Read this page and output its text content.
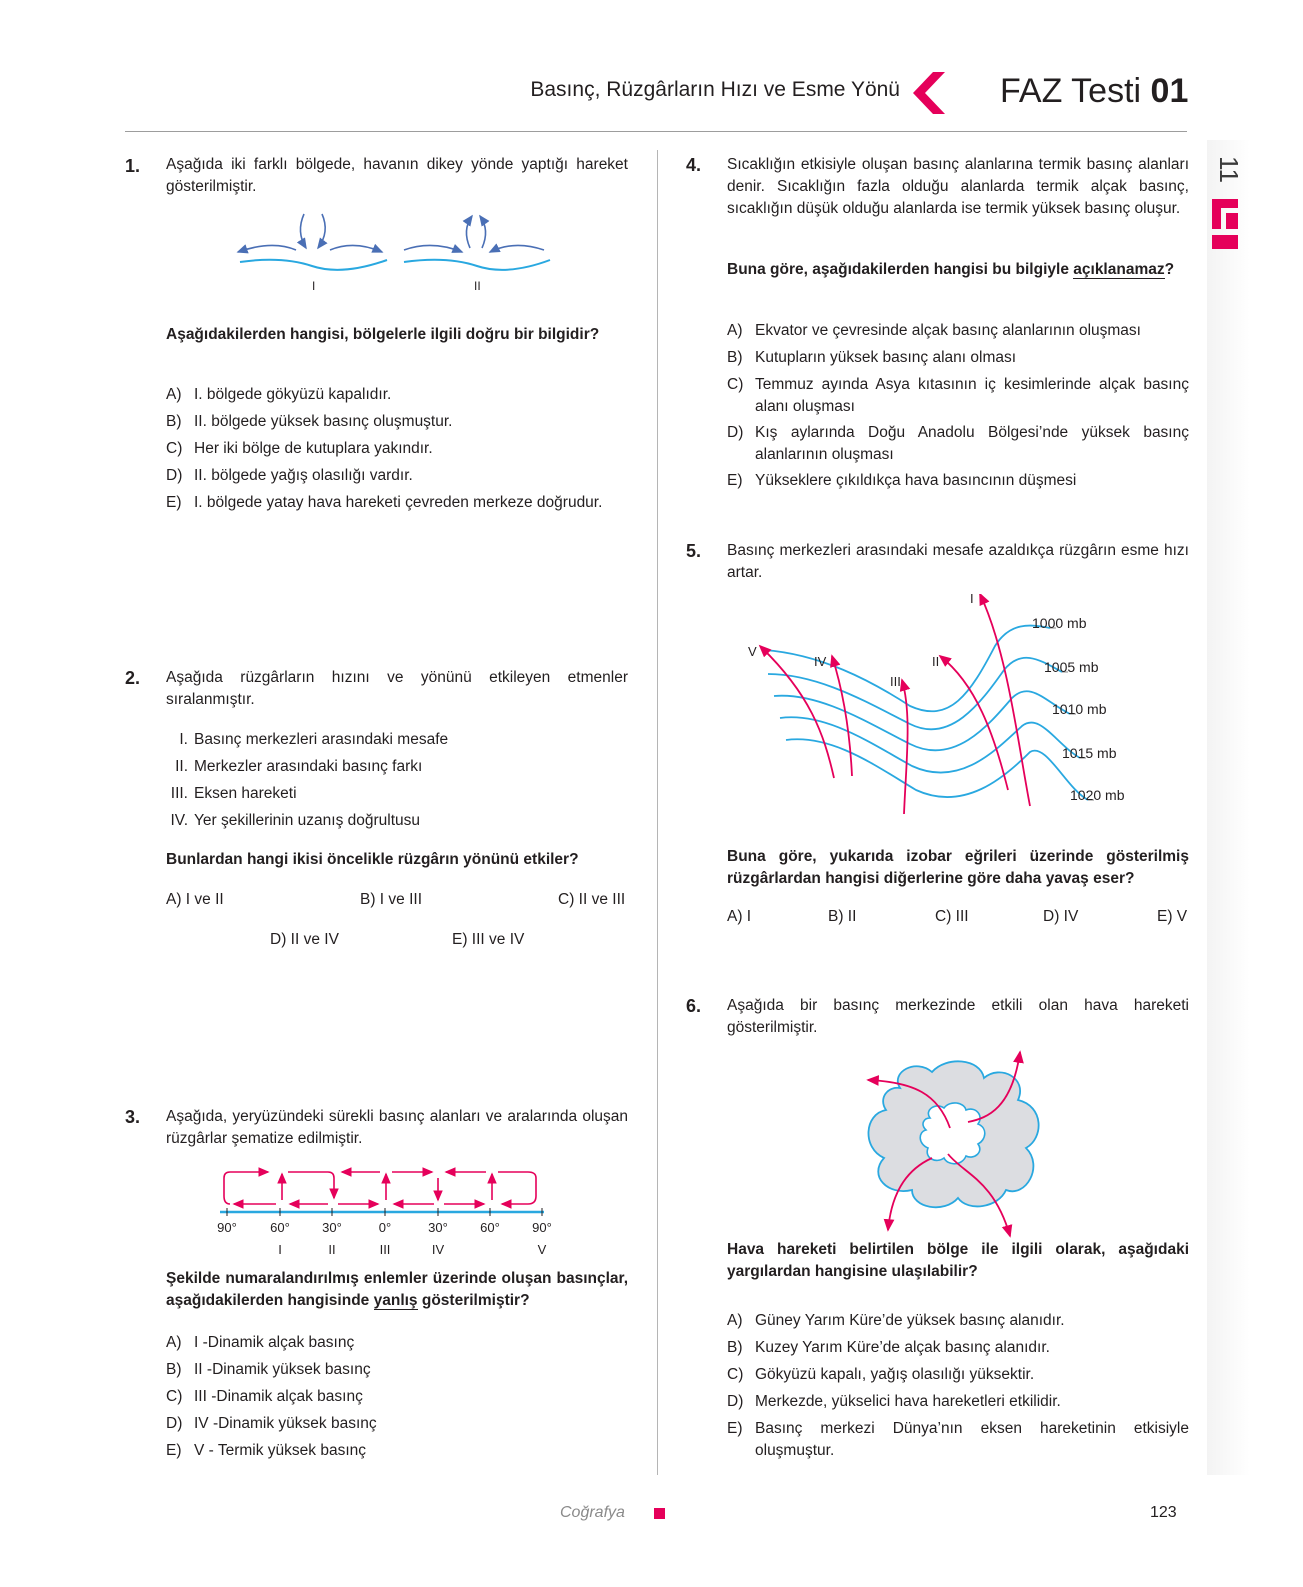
Basınç, Rüzgârların Hızı ve Esme Yönü	FAZ Testi 01
11
1. Aşağıda iki farklı bölgede, havanın dikey yönde yaptığı hareket gösterilmiştir.
I	II
Aşağıdakilerden hangisi, bölgelerle ilgili doğru bir bilgidir?
A) I. bölgede gökyüzü kapalıdır.
B) II. bölgede yüksek basınç oluşmuştur.
C) Her iki bölge de kutuplara yakındır.
D) II. bölgede yağış olasılığı vardır.
E) I. bölgede yatay hava hareketi çevreden merkeze doğrudur.
2. Aşağıda rüzgârların hızını ve yönünü etkileyen etmenler sıralanmıştır.
I. Basınç merkezleri arasındaki mesafe
II. Merkezler arasındaki basınç farkı
III. Eksen hareketi
IV. Yer şekillerinin uzanış doğrultusu
Bunlardan hangi ikisi öncelikle rüzgârın yönünü etkiler?
A) I ve II	B) I ve III	C) II ve III
D) II ve IV	E) III ve IV
3. Aşağıda, yeryüzündeki sürekli basınç alanları ve aralarında oluşan rüzgârlar şematize edilmiştir.
90°	60°	30°	0°	30°	60°	90°
I	II	III	IV	V
Şekilde numaralandırılmış enlemler üzerinde oluşan basınçlar, aşağıdakilerden hangisinde yanlış gösterilmiştir?
A) I -Dinamik alçak basınç
B) II -Dinamik yüksek basınç
C) III -Dinamik alçak basınç
D) IV -Dinamik yüksek basınç
E) V - Termik yüksek basınç
4. Sıcaklığın etkisiyle oluşan basınç alanlarına termik basınç alanları denir. Sıcaklığın fazla olduğu alanlarda termik alçak basınç, sıcaklığın düşük olduğu alanlarda ise termik yüksek basınç oluşur.
Buna göre, aşağıdakilerden hangisi bu bilgiyle açıklanamaz?
A) Ekvator ve çevresinde alçak basınç alanlarının oluşması
B) Kutupların yüksek basınç alanı olması
C) Temmuz ayında Asya kıtasının iç kesimlerinde alçak basınç alanı oluşması
D) Kış aylarında Doğu Anadolu Bölgesi’nde yüksek basınç alanlarının oluşması
E) Yükseklere çıkıldıkça hava basıncının düşmesi
5. Basınç merkezleri arasındaki mesafe azaldıkça rüzgârın esme hızı artar.
1000 mb
1005 mb
1010 mb
1015 mb
1020 mb
I
II
III
IV
V
Buna göre, yukarıda izobar eğrileri üzerinde gösterilmiş rüzgârlardan hangisi diğerlerine göre daha yavaş eser?
A) I	B) II	C) III	D) IV	E) V
6. Aşağıda bir basınç merkezinde etkili olan hava hareketi gösterilmiştir.
Hava hareketi belirtilen bölge ile ilgili olarak, aşağıdaki yargılardan hangisine ulaşılabilir?
A) Güney Yarım Küre’de yüksek basınç alanıdır.
B) Kuzey Yarım Küre’de alçak basınç alanıdır.
C) Gökyüzü kapalı, yağış olasılığı yüksektir.
D) Merkezde, yükselici hava hareketleri etkilidir.
E) Basınç merkezi Dünya’nın eksen hareketinin etkisiyle oluşmuştur.
Coğrafya	123
